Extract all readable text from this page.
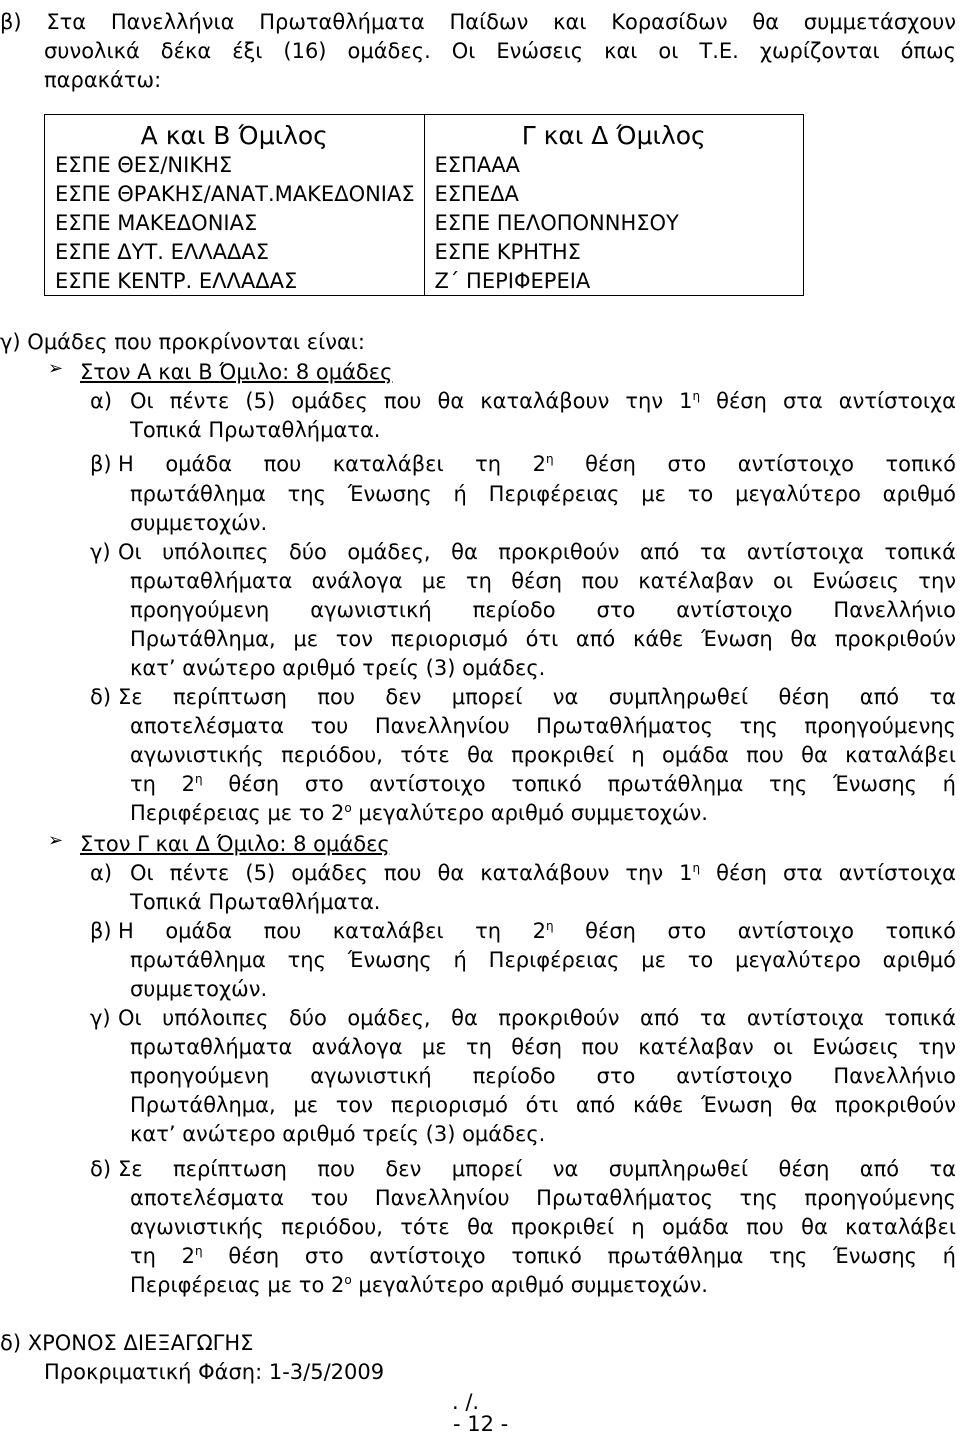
β) Στα Πανελλήνια Πρωταθλήματα Παίδων και Κορασίδων θα συμμετάσχουν
συνολικά δέκα έξι (16) ομάδες. Οι Ενώσεις και οι Τ.Ε. χωρίζονται όπως
παρακάτω:
Α και Β Όμιλος
ΕΣΠΕ ΘΕΣ/ΝΙΚΗΣ
ΕΣΠΕ ΘΡΑΚΗΣ/ΑΝΑΤ.ΜΑΚΕΔΟΝΙΑΣ
ΕΣΠΕ ΜΑΚΕΔΟΝΙΑΣ
ΕΣΠΕ ΔΥΤ. ΕΛΛΑΔΑΣ
ΕΣΠΕ ΚΕΝΤΡ. ΕΛΛΑΔΑΣ
Γ και Δ Όμιλος
ΕΣΠΑΑΑ
ΕΣΠΕΔΑ
ΕΣΠΕ ΠΕΛΟΠΟΝΝΗΣΟΥ
ΕΣΠΕ ΚΡΗΤΗΣ
Ζ΄ ΠΕΡΙΦΕΡΕΙΑ
γ) Ομάδες που προκρίνονται είναι:
➢ Στον Α και Β Όμιλο: 8 ομάδες
α) Οι πέντε (5) ομάδες που θα καταλάβουν την $1^\eta$ θέση στα αντίστοιχα
Τοπικά Πρωταθλήματα.
β) Η ομάδα που καταλάβει τη $2^\eta$ θέση στο αντίστοιχο τοπικό
πρωτάθλημα της Ένωσης ή Περιφέρειας με το μεγαλύτερο αριθμό
συμμετοχών.
γ) Οι υπόλοιπες δύο ομάδες, θα προκριθούν από τα αντίστοιχα τοπικά
πρωταθλήματα ανάλογα με τη θέση που κατέλαβαν οι Ενώσεις την
προηγούμενη αγωνιστική περίοδο στο αντίστοιχο Πανελλήνιο
Πρωτάθλημα, με τον περιορισμό ότι από κάθε Ένωση θα προκριθούν
κατ’ ανώτερο αριθμό τρείς (3) ομάδες.
δ) Σε περίπτωση που δεν μπορεί να συμπληρωθεί θέση από τα
αποτελέσματα του Πανελληνίου Πρωταθλήματος της προηγούμενης
αγωνιστικής περιόδου, τότε θα προκριθεί η ομάδα που θα καταλάβει
τη $2^\eta$ θέση στο αντίστοιχο τοπικό πρωτάθλημα της Ένωσης ή
Περιφέρειας με το $2^o$ μεγαλύτερο αριθμό συμμετοχών.
➢ Στον Γ και Δ Όμιλο: 8 ομάδες
α) Οι πέντε (5) ομάδες που θα καταλάβουν την $1^\eta$ θέση στα αντίστοιχα
Τοπικά Πρωταθλήματα.
β) Η ομάδα που καταλάβει τη $2^\eta$ θέση στο αντίστοιχο τοπικό
πρωτάθλημα της Ένωσης ή Περιφέρειας με το μεγαλύτερο αριθμό
συμμετοχών.
γ) Οι υπόλοιπες δύο ομάδες, θα προκριθούν από τα αντίστοιχα τοπικά
πρωταθλήματα ανάλογα με τη θέση που κατέλαβαν οι Ενώσεις την
προηγούμενη αγωνιστική περίοδο στο αντίστοιχο Πανελλήνιο
Πρωτάθλημα, με τον περιορισμό ότι από κάθε Ένωση θα προκριθούν
κατ’ ανώτερο αριθμό τρείς (3) ομάδες.
δ) Σε περίπτωση που δεν μπορεί να συμπληρωθεί θέση από τα
αποτελέσματα του Πανελληνίου Πρωταθλήματος της προηγούμενης
αγωνιστικής περιόδου, τότε θα προκριθεί η ομάδα που θα καταλάβει
τη $2^\eta$ θέση στο αντίστοιχο τοπικό πρωτάθλημα της Ένωσης ή
Περιφέρειας με το $2^o$ μεγαλύτερο αριθμό συμμετοχών.
δ) ΧΡΟΝΟΣ ΔΙΕΞΑΓΩΓΗΣ
Προκριματική Φάση: 1-3/5/2009
. /.
- 12 -
